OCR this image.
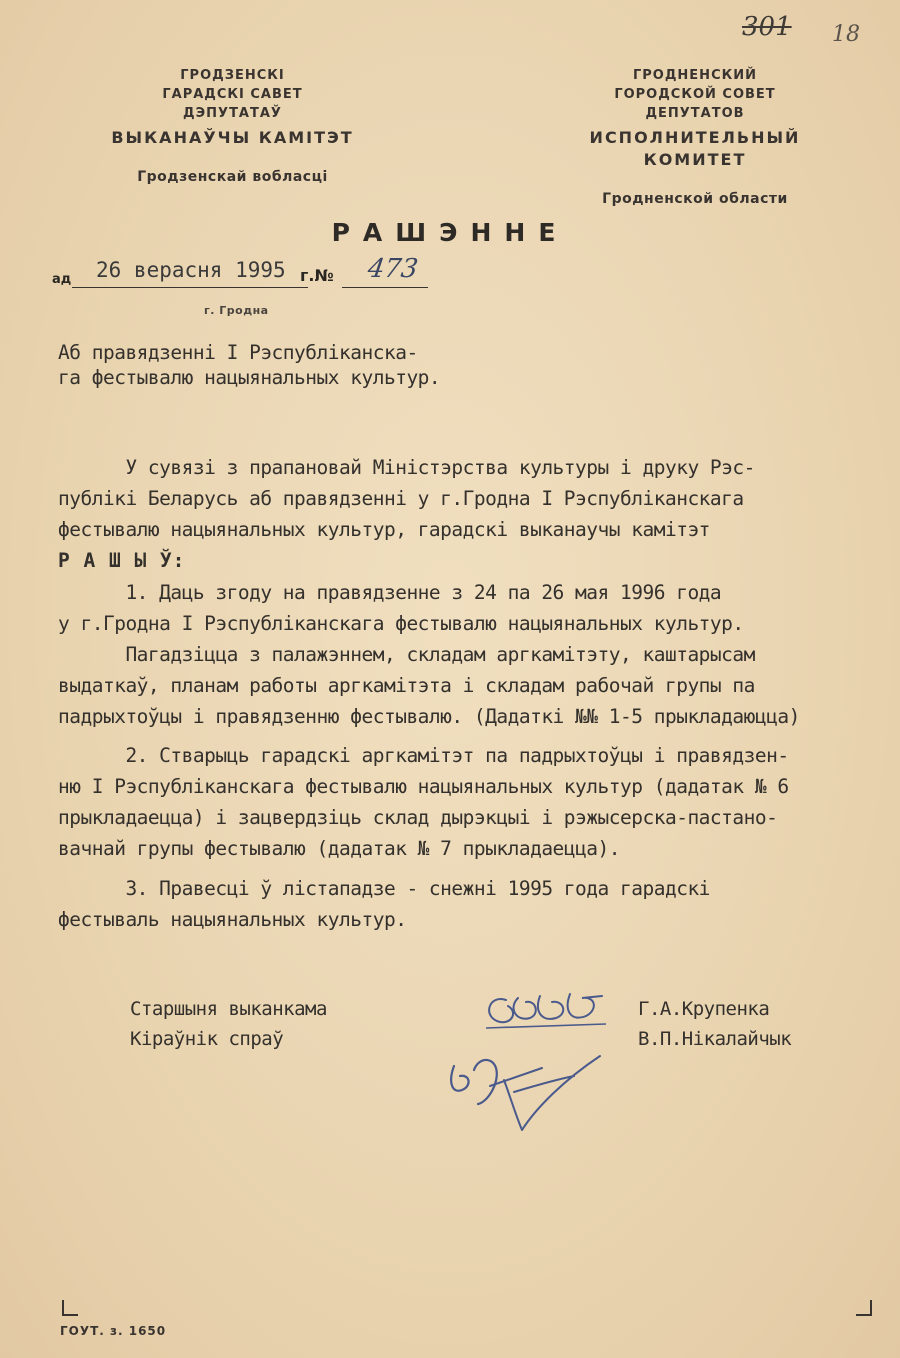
301 18
ГРОДЗЕНСКІ
ГАРАДСКІ САВЕТ
ДЭПУТАТАЎ
ВЫКАНАЎЧЫ КАМІТЭТ
Гродзенскай вобласці
ГРОДНЕНСКИЙ
ГОРОДСКОЙ СОВЕТ
ДЕПУТАТОВ
ИСПОЛНИТЕЛЬНЫЙ КОМИТЕТ
Гродненской области
РАШЭННЕ
ад 26 верасня 1995 г.№ 473
г. Гродна
Аб правядзенні І Рэспубліканска-
га фестывалю нацыянальных культур.
У сувязі з прапановай Міністэрства культуры і друку Рэс-
публікі Беларусь аб правядзенні у г.Гродна І Рэспубліканскага
фестывалю нацыянальных культур, гарадскі выканаучы камітэт
Р А Ш Ы Ў:
1. Даць згоду на правядзенне з 24 па 26 мая 1996 года
у г.Гродна І Рэспубліканскага фестывалю нацыянальных культур.
Пагадзіцца з палажэннем, складам аргкамітэту, каштарысам
выдаткаў, планам работы аргкамітэта і складам рабочай групы па
падрыхтоўцы і правядзенню фестывалю. (Дадаткі №№ 1-5 прыкладаюцца)
2. Стварыць гарадскі аргкамітэт па падрыхтоўцы і правядзен-
ню І Рэспубліканскага фестывалю нацыянальных культур (дадатак № 6
прыкладаецца) і зацвердзіць склад дырэкцыі і рэжысерска-пастано-
вачнай групы фестывалю (дадатак № 7 прыкладаецца).
3. Правесці ў лістападзе - снежні 1995 года гарадскі
фестываль нацыянальных культур.
Старшыня выканкама
Кіраўнік спраў
Г.А.Крупенка
В.П.Нікалайчык
ГОУТ. з. 1650
